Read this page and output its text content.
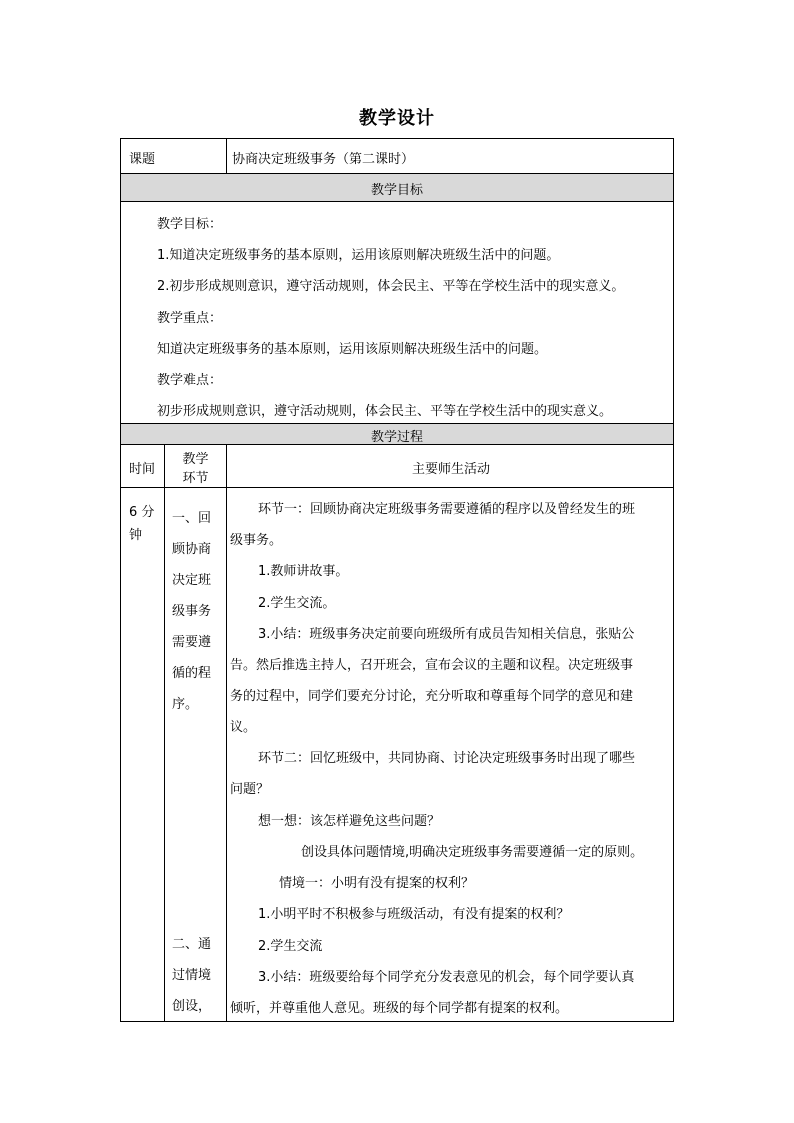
教学设计
课题	协商决定班级事务（第二课时）
教学目标
教学目标：
1.知道决定班级事务的基本原则，运用该原则解决班级生活中的问题。
2.初步形成规则意识，遵守活动规则，体会民主、平等在学校生活中的现实意义。
教学重点：
知道决定班级事务的基本原则，运用该原则解决班级生活中的问题。
教学难点：
初步形成规则意识，遵守活动规则，体会民主、平等在学校生活中的现实意义。
教学过程
时间
教学
环节
主要师生活动
6 分
钟
一、回
顾协商
决定班
级事务
需要遵
循的程
序。
二、通
过情境
创设，
环节一：回顾协商决定班级事务需要遵循的程序以及曾经发生的班
级事务。
1.教师讲故事。
2.学生交流。
3.小结：班级事务决定前要向班级所有成员告知相关信息，张贴公
告。然后推选主持人，召开班会，宣布会议的主题和议程。决定班级事
务的过程中，同学们要充分讨论，充分听取和尊重每个同学的意见和建
议。
环节二：回忆班级中，共同协商、讨论决定班级事务时出现了哪些
问题？
想一想：该怎样避免这些问题？
创设具体问题情境,明确决定班级事务需要遵循一定的原则。
情境一：小明有没有提案的权利？
1.小明平时不积极参与班级活动，有没有提案的权利？
2.学生交流
3.小结：班级要给每个同学充分发表意见的机会，每个同学要认真
倾听，并尊重他人意见。班级的每个同学都有提案的权利。
